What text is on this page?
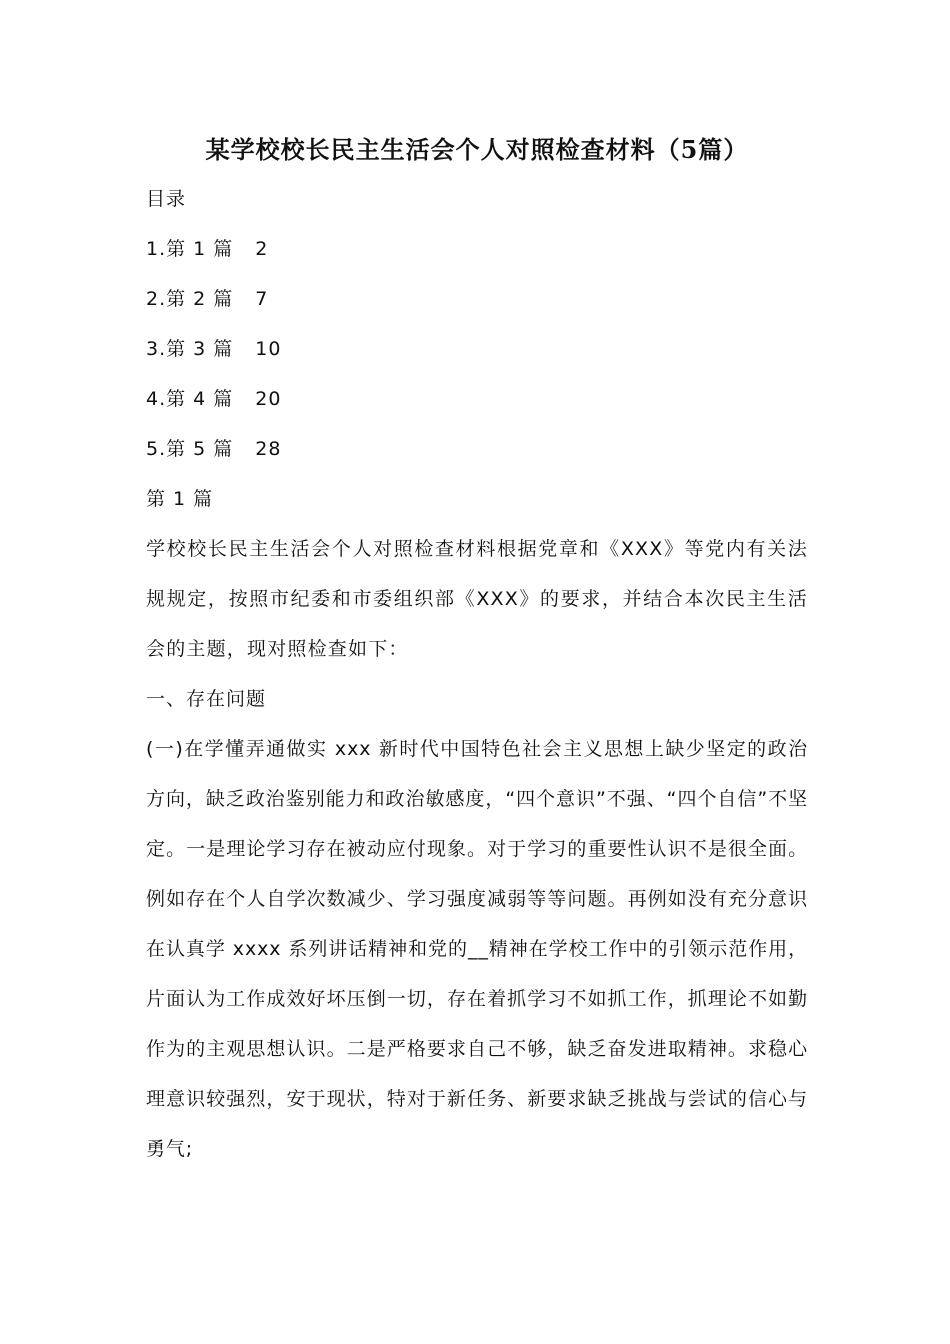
某学校校长民主生活会个人对照检查材料（5篇）

目录

1.第 1 篇 2

2.第 2 篇 7

3.第 3 篇 10

4.第 4 篇 20

5.第 5 篇 28

第 1 篇

学校校长民主生活会个人对照检查材料根据党章和《XXX》等党内有关法规规定，按照市纪委和市委组织部《XXX》的要求，并结合本次民主生活会的主题，现对照检查如下：

一、存在问题

(一)在学懂弄通做实 xxx 新时代中国特色社会主义思想上缺少坚定的政治方向，缺乏政治鉴别能力和政治敏感度，“四个意识”不强、“四个自信”不坚定。一是理论学习存在被动应付现象。对于学习的重要性认识不是很全面。例如存在个人自学次数减少、学习强度减弱等等问题。再例如没有充分意识在认真学 xxxx 系列讲话精神和党的__精神在学校工作中的引领示范作用，片面认为工作成效好坏压倒一切，存在着抓学习不如抓工作，抓理论不如勤作为的主观思想认识。二是严格要求自己不够，缺乏奋发进取精神。求稳心理意识较强烈，安于现状，特对于新任务、新要求缺乏挑战与尝试的信心与勇气;
